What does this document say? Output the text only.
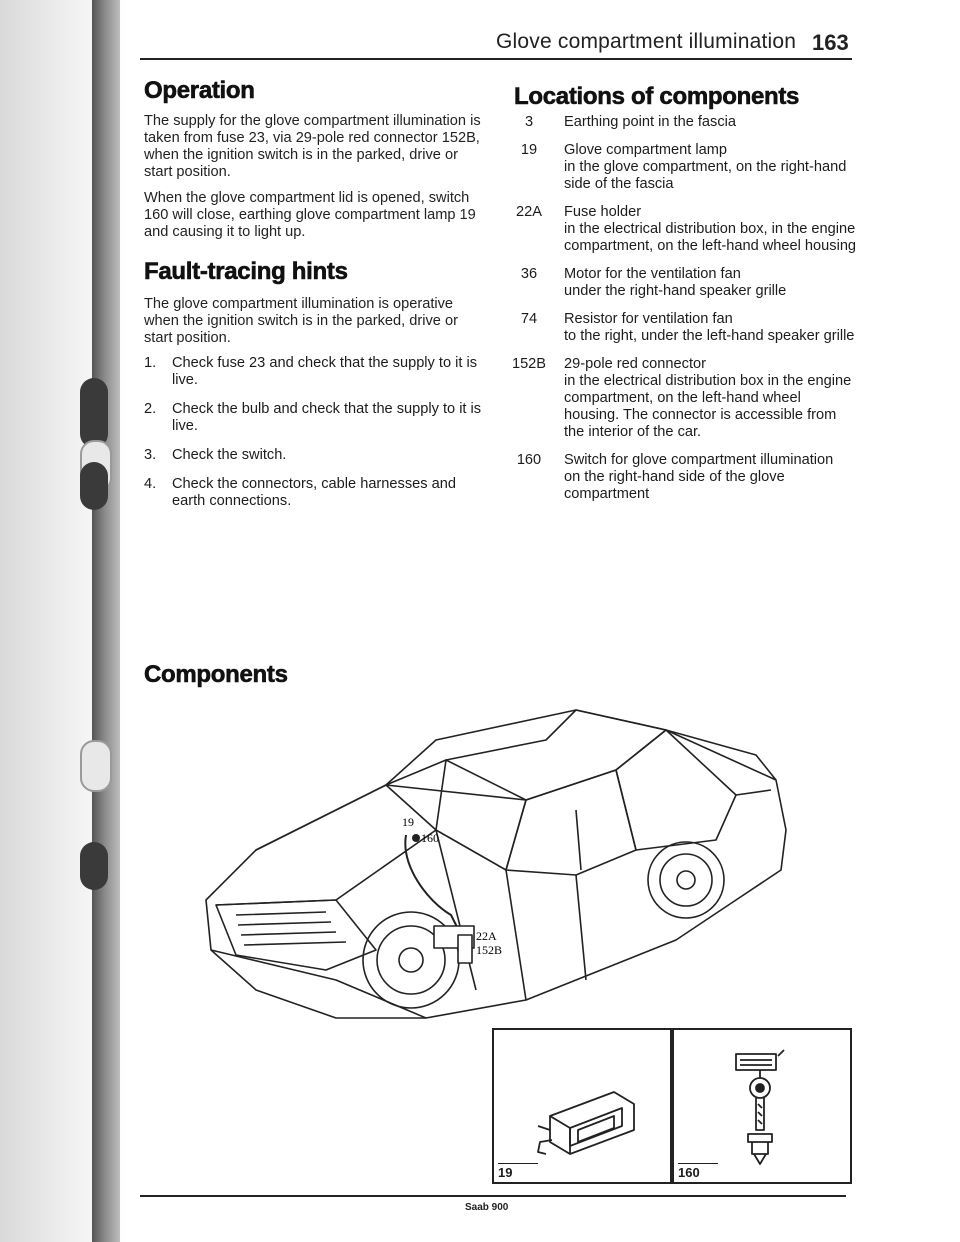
Glove compartment illumination 163
Operation

The supply for the glove compartment illumination is taken from fuse 23, via 29-pole red connector 152B, when the ignition switch is in the parked, drive or start position.

When the glove compartment lid is opened, switch 160 will close, earthing glove compartment lamp 19 and causing it to light up.

Fault-tracing hints

The glove compartment illumination is operative when the ignition switch is in the parked, drive or start position.

1.	Check fuse 23 and check that the supply to it is live.
2.	Check the bulb and check that the supply to it is live.
3.	Check the switch.
4.	Check the connectors, cable harnesses and earth connections.
Components
Locations of components
3	Earthing point in the fascia
19	Glove compartment lamp
in the glove compartment, on the right-hand side of the fascia
22A	Fuse holder
in the electrical distribution box, in the engine compartment, on the left-hand wheel housing
36	Motor for the ventilation fan
under the right-hand speaker grille
74	Resistor for ventilation fan
to the right, under the left-hand speaker grille
152B	29-pole red connector
in the electrical distribution box in the engine compartment, on the left-hand wheel housing. The connector is accessible from the interior of the car.
160	Switch for glove compartment illumination
on the right-hand side of the glove compartment
19
160
22A
152B
19	160
Saab 900
